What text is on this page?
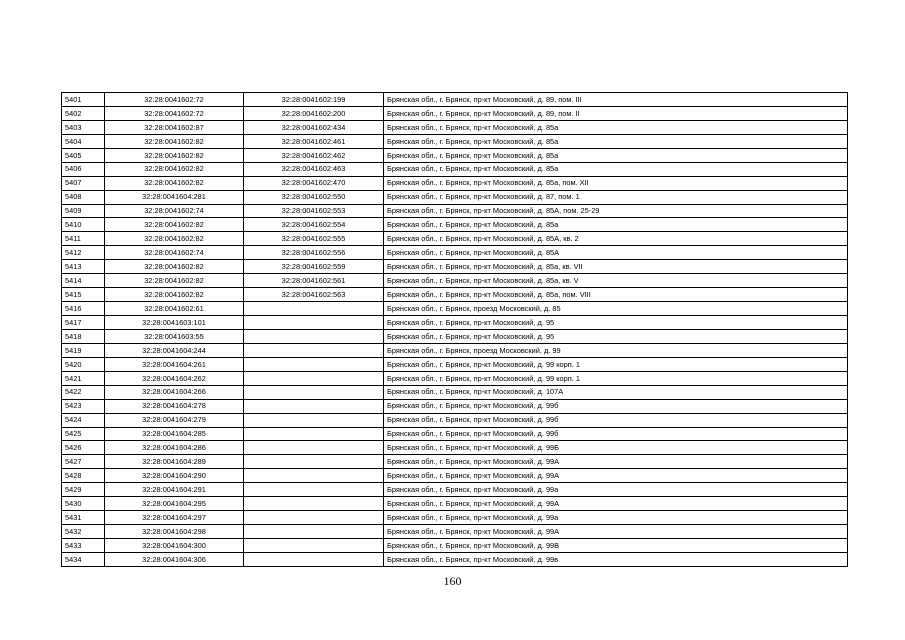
5401	32:28:0041602:72	32:28:0041602:199	Брянская обл., г. Брянск, пр-кт Московский, д. 89, пом. III
5402	32:28:0041602:72	32:28:0041602:200	Брянская обл., г. Брянск, пр-кт Московский, д. 89, пом. II
5403	32:28:0041602:87	32:28:0041602:434	Брянская обл., г. Брянск, пр-кт Московский, д. 85а
5404	32:28:0041602:82	32:28:0041602:461	Брянская обл., г. Брянск, пр-кт Московский, д. 85а
5405	32:28:0041602:82	32:28:0041602:462	Брянская обл., г. Брянск, пр-кт Московский, д. 85а
5406	32:28:0041602:82	32:28:0041602:463	Брянская обл., г. Брянск, пр-кт Московский, д. 85а
5407	32:28:0041602:82	32:28:0041602:470	Брянская обл., г. Брянск, пр-кт Московский, д. 85а, пом. XII
5408	32:28:0041604:281	32:28:0041602:550	Брянская обл., г. Брянск, пр-кт Московский, д. 87, пом. 1
5409	32:28:0041602:74	32:28:0041602:553	Брянская обл., г. Брянск, пр-кт Московский, д. 85А, пом. 25-29
5410	32:28:0041602:82	32:28:0041602:554	Брянская обл., г. Брянск, пр-кт Московский, д. 85а
5411	32:28:0041602:82	32:28:0041602:555	Брянская обл., г. Брянск, пр-кт Московский, д. 85А, кв. 2
5412	32:28:0041602:74	32:28:0041602:556	Брянская обл., г. Брянск, пр-кт Московский, д. 85А
5413	32:28:0041602:82	32:28:0041602:559	Брянская обл., г. Брянск, пр-кт Московский, д. 85а, кв. VII
5414	32:28:0041602:82	32:28:0041602:561	Брянская обл., г. Брянск, пр-кт Московский, д. 85а, кв. V
5415	32:28:0041602:82	32:28:0041602:563	Брянская обл., г. Брянск, пр-кт Московский, д. 85а, пом. VIII
5416	32:28:0041602:61		Брянская обл., г. Брянск, проезд Московский, д. 85
5417	32:28:0041603:101		Брянская обл., г. Брянск, пр-кт Московский, д. 95
5418	32:28:0041603:55		Брянская обл., г. Брянск, пр-кт Московский, д. 95
5419	32:28:0041604:244		Брянская обл., г. Брянск, проезд Московский, д. 99
5420	32:28:0041604:261		Брянская обл., г. Брянск, пр-кт Московский, д. 99 корп. 1
5421	32:28:0041604:262		Брянская обл., г. Брянск, пр-кт Московский, д. 99 корп. 1
5422	32:28:0041604:266		Брянская обл., г. Брянск, пр-кт Московский, д. 107А
5423	32:28:0041604:278		Брянская обл., г. Брянск, пр-кт Московский, д. 99б
5424	32:28:0041604:279		Брянская обл., г. Брянск, пр-кт Московский, д. 99б
5425	32:28:0041604:285		Брянская обл., г. Брянск, пр-кт Московский, д. 99б
5426	32:28:0041604:286		Брянская обл., г. Брянск, пр-кт Московский, д. 99Б
5427	32:28:0041604:289		Брянская обл., г. Брянск, пр-кт Московский, д. 99А
5428	32:28:0041604:290		Брянская обл., г. Брянск, пр-кт Московский, д. 99А
5429	32:28:0041604:291		Брянская обл., г. Брянск, пр-кт Московский, д. 99а
5430	32:28:0041604:295		Брянская обл., г. Брянск, пр-кт Московский, д. 99А
5431	32:28:0041604:297		Брянская обл., г. Брянск, пр-кт Московский, д. 99а
5432	32:28:0041604:298		Брянская обл., г. Брянск, пр-кт Московский, д. 99А
5433	32:28:0041604:300		Брянская обл., г. Брянск, пр-кт Московский, д. 99В
5434	32:28:0041604:306		Брянская обл., г. Брянск, пр-кт Московский, д. 99в
160
